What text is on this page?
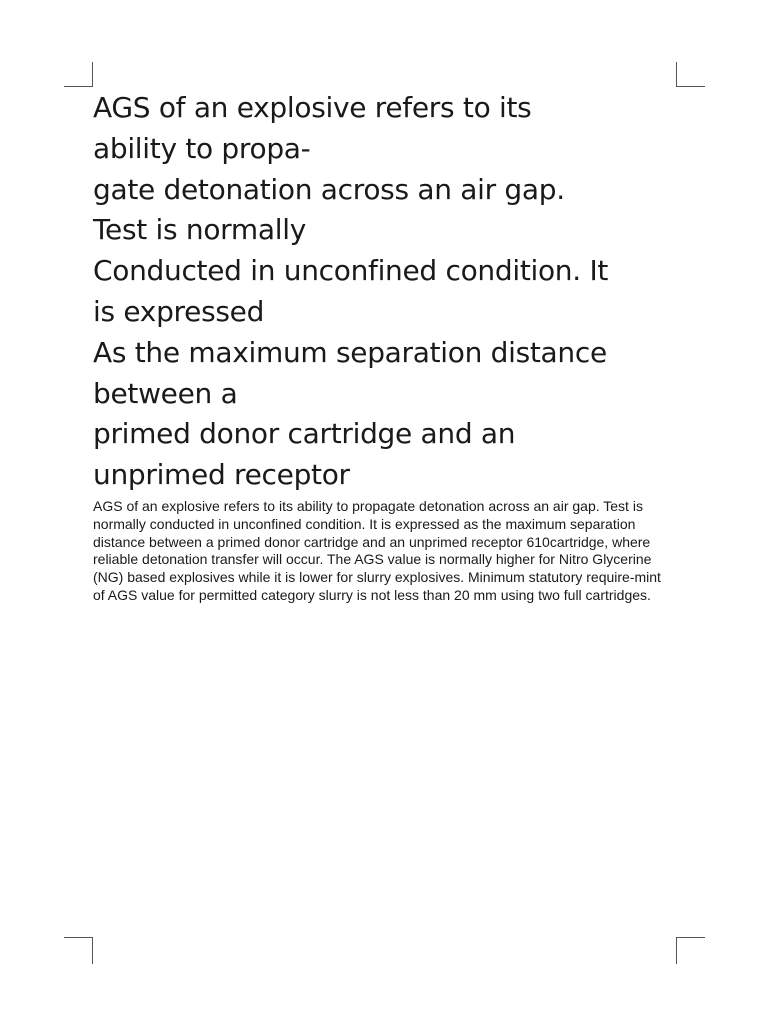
AGS of an explosive refers to its
ability to propa-
gate detonation across an air gap.
Test is normally
Conducted in unconfined condition. It
is expressed
As the maximum separation distance
between a
primed donor cartridge and an
unprimed receptor

AGS of an explosive refers to its ability to propagate detonation across an air gap. Test is normally conducted in unconfined condition. It is expressed as the maximum separation distance between a primed donor cartridge and an unprimed receptor 610cartridge, where reliable detonation transfer will occur. The AGS value is normally higher for Nitro Glycerine (NG) based explosives while it is lower for slurry explosives. Minimum statutory require-mint of AGS value for permitted category slurry is not less than 20 mm using two full cartridges.
